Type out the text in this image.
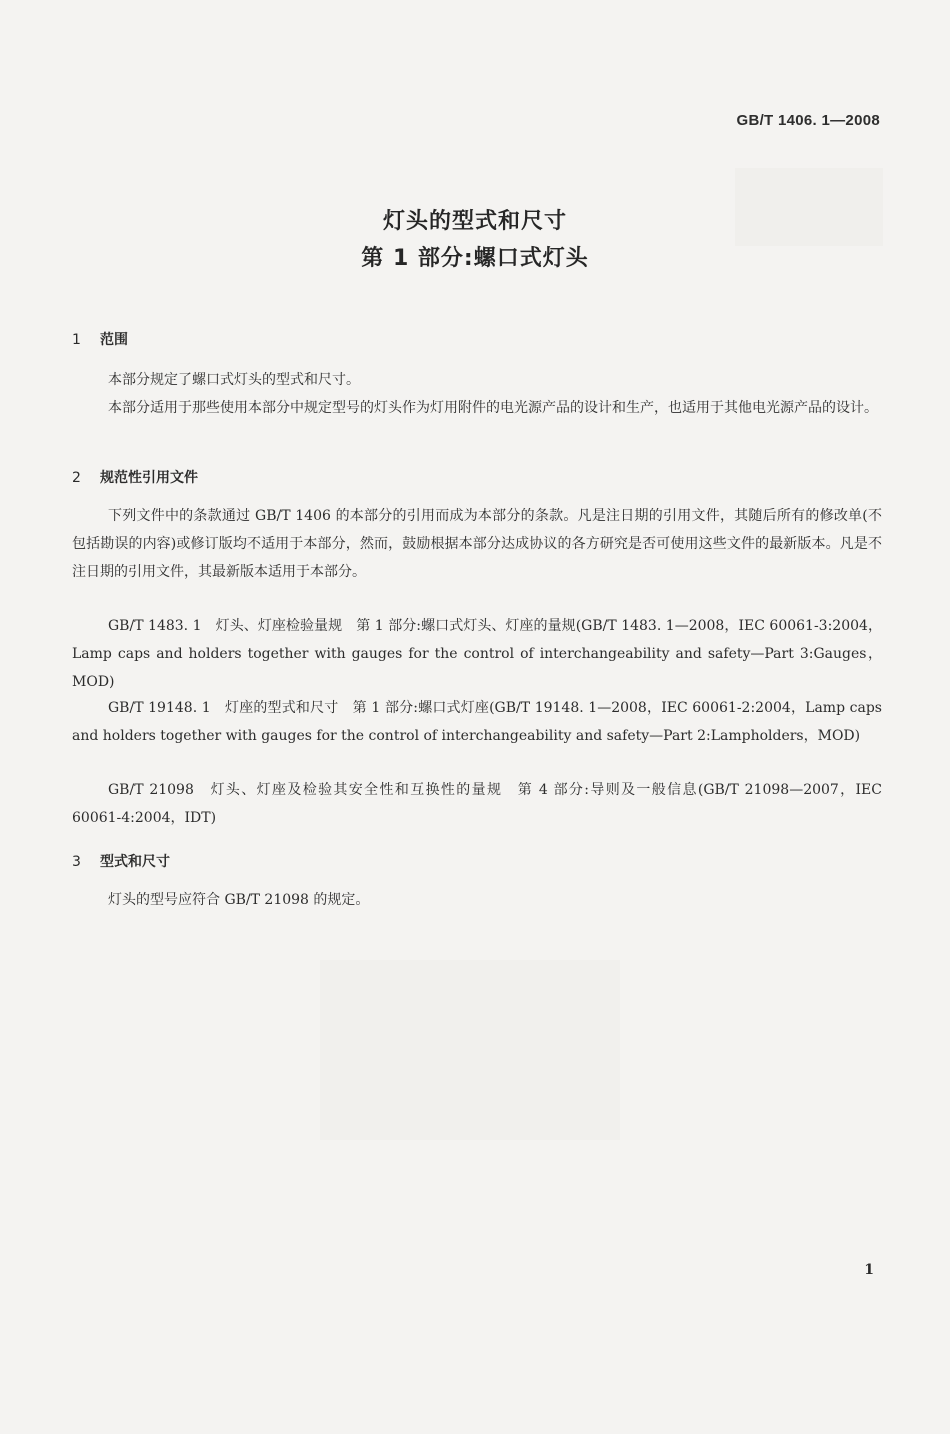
GB/T 1406. 1—2008
灯头的型式和尺寸
第 1 部分:螺口式灯头
1 范围
本部分规定了螺口式灯头的型式和尺寸。
本部分适用于那些使用本部分中规定型号的灯头作为灯用附件的电光源产品的设计和生产，也适用于其他电光源产品的设计。
2 规范性引用文件
下列文件中的条款通过 GB/T 1406 的本部分的引用而成为本部分的条款。凡是注日期的引用文件，其随后所有的修改单(不包括勘误的内容)或修订版均不适用于本部分，然而，鼓励根据本部分达成协议的各方研究是否可使用这些文件的最新版本。凡是不注日期的引用文件，其最新版本适用于本部分。
GB/T 1483. 1　灯头、灯座检验量规　第 1 部分:螺口式灯头、灯座的量规(GB/T 1483. 1—2008，IEC 60061-3:2004，Lamp caps and holders together with gauges for the control of interchangeability and safety—Part 3:Gauges，MOD)
GB/T 19148. 1　灯座的型式和尺寸　第 1 部分:螺口式灯座(GB/T 19148. 1—2008，IEC 60061-2:2004，Lamp caps and holders together with gauges for the control of interchangeability and safety—Part 2:Lampholders，MOD)
GB/T 21098　灯头、灯座及检验其安全性和互换性的量规　第 4 部分:导则及一般信息(GB/T 21098—2007，IEC 60061-4:2004，IDT)
3 型式和尺寸
灯头的型号应符合 GB/T 21098 的规定。
1
